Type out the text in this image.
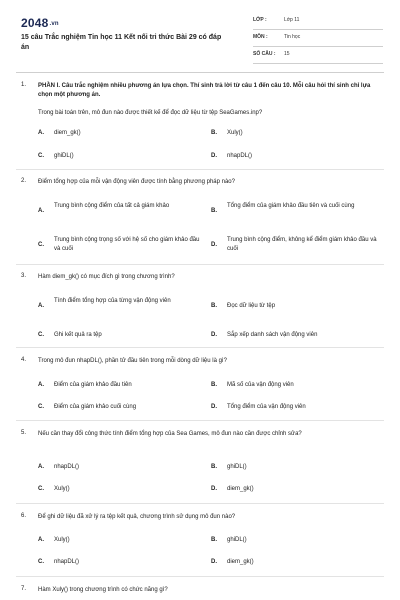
2048.vn
15 câu Trắc nghiệm Tin học 11 Kết nối tri thức Bài 29 có đáp án
LỚP :	Lớp 11
MÔN :	Tin học
SỐ CÂU : 15
1. PHẦN I. Câu trắc nghiệm nhiều phương án lựa chọn. Thí sinh trả lời từ câu 1 đến câu 10. Mỗi câu hỏi thí sinh chỉ lựa chọn một phương án.
Trong bài toán trên, mô đun nào được thiết kế để đọc dữ liệu từ tệp SeaGames.inp?
A. diem_gk()	B. Xuly()
C. ghiDL()	D. nhapDL()
2. Điểm tổng hợp của mỗi vận động viên được tính bằng phương pháp nào?
A.
Trung bình cộng điểm của tất cả giám khảo
B.
Tổng điểm của giám khảo đầu tiên và cuối cùng
C.
Trung bình cộng trọng số với hệ số cho giám khảo đầu và cuối
D.
Trung bình cộng điểm, không kể điểm giám khảo đầu và cuối
3. Hàm diem_gk() có mục đích gì trong chương trình?
A.
Tính điểm tổng hợp của từng vận động viên
B. Đọc dữ liệu từ tệp
C. Ghi kết quả ra tệp	D. Sắp xếp danh sách vận động viên
4. Trong mô đun nhapDL(), phần tử đầu tiên trong mỗi dòng dữ liệu là gì?
A. Điểm của giám khảo đầu tiên	B. Mã số của vận động viên
C. Điểm của giám khảo cuối cùng	D. Tổng điểm của vận động viên
5. Nếu cần thay đổi công thức tính điểm tổng hợp của Sea Games, mô đun nào cần được chỉnh sửa?
A. nhapDL()	B. ghiDL()
C. Xuly()	D. diem_gk()
6. Để ghi dữ liệu đã xử lý ra tệp kết quả, chương trình sử dụng mô đun nào?
A. Xuly()	B. ghiDL()
C. nhapDL()	D. diem_gk()
7. Hàm Xuly() trong chương trình có chức năng gì?
